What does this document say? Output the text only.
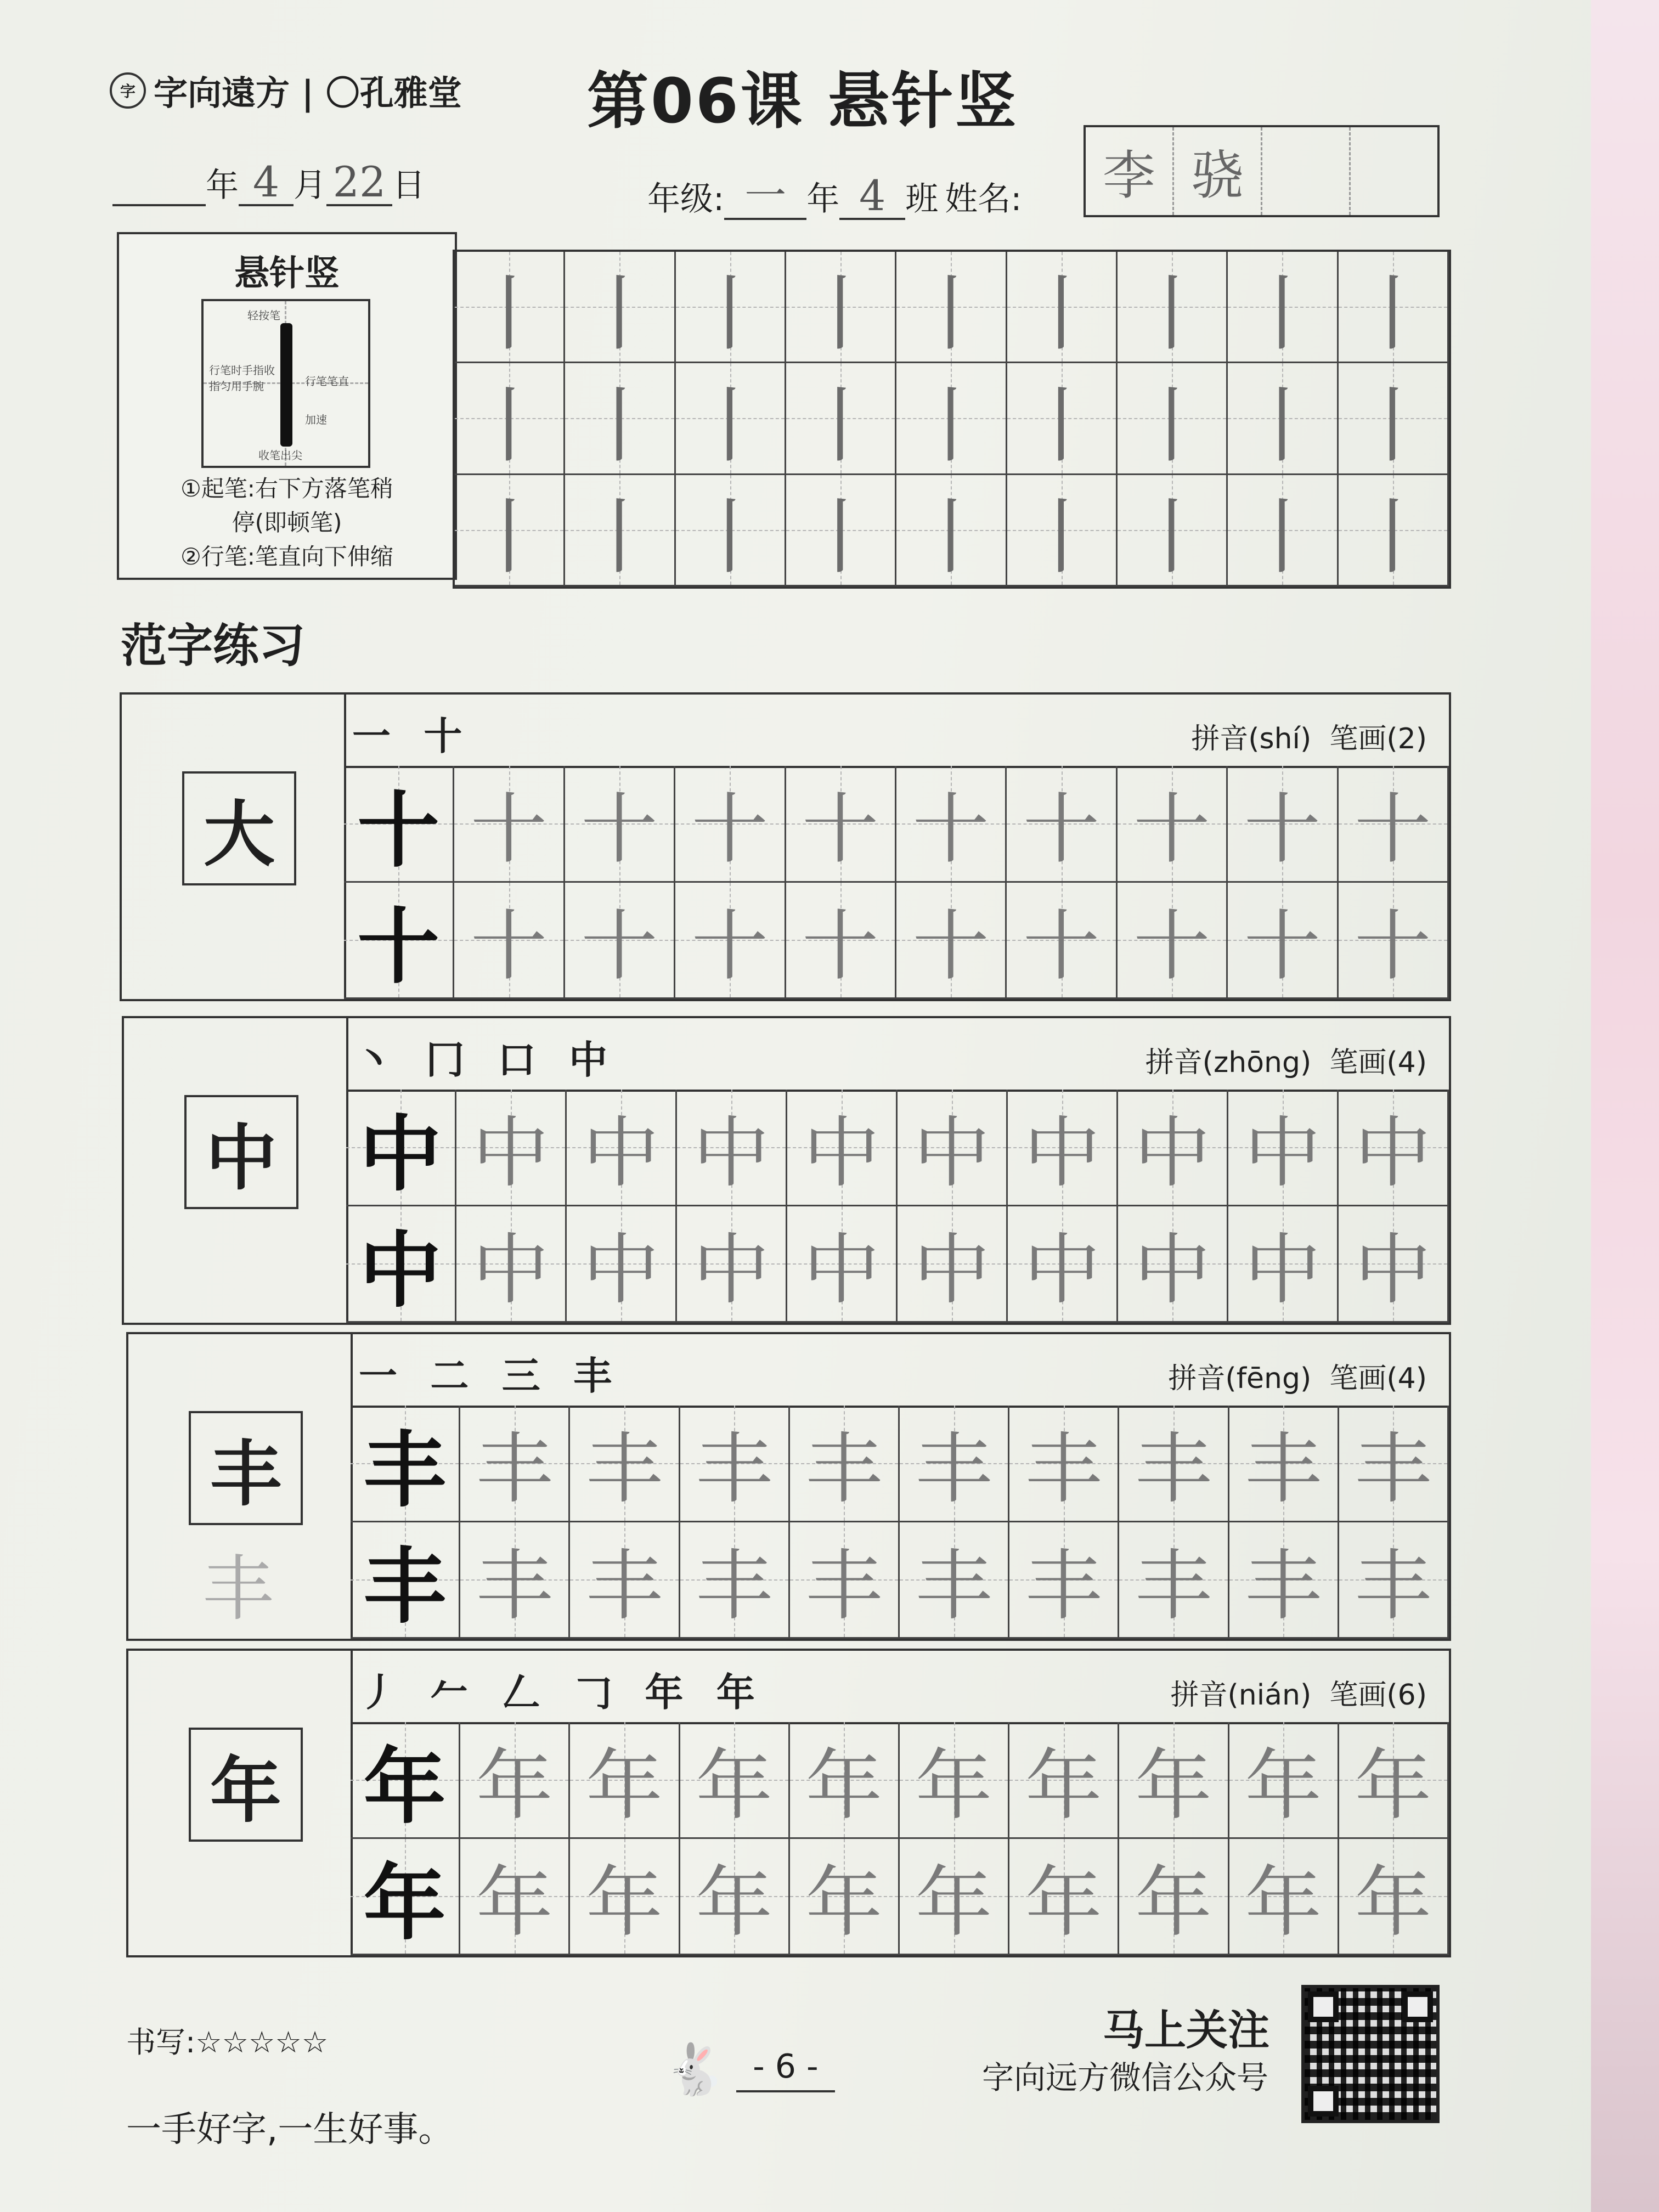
字 字向遠方 | 〇孔雅堂 第06课 悬针竖
年 4 月 22 日	年级: 一 年 4 班 姓名:	李 骁
悬针竖
轻按笔
行笔时手指收指匀用手腕	行笔笔直
加速
收笔出尖
①起笔:右下方落笔稍
停(即顿笔)
②行笔:笔直向下伸缩
丨 丨 丨 丨 丨 丨 丨 丨 丨
丨 丨 丨 丨 丨 丨 丨 丨 丨
丨 丨 丨 丨 丨 丨 丨 丨 丨
范字练习
大
一 十	拼音(shí) 笔画(2)
十 十 十 十 十 十 十 十 十 十
十 十 十 十 十 十 十 十 十 十
中
丶 冂 口 中	拼音(zhōng) 笔画(4)
中 中 中 中 中 中 中 中 中 中
中 中 中 中 中 中 中 中 中 中
丰
丰
一 二 三 丰	拼音(fēng) 笔画(4)
丰 丰 丰 丰 丰 丰 丰 丰 丰 丰
丰 丰 丰 丰 丰 丰 丰 丰 丰 丰
年
丿 𠂉 𠃋 𠃌 年 年	拼音(nián) 笔画(6)
年 年 年 年 年 年 年 年 年 年
年 年 年 年 年 年 年 年 年 年
书写:☆☆☆☆☆
一手好字,一生好事。
🐇 - 6 -
马上关注
字向远方微信公众号
